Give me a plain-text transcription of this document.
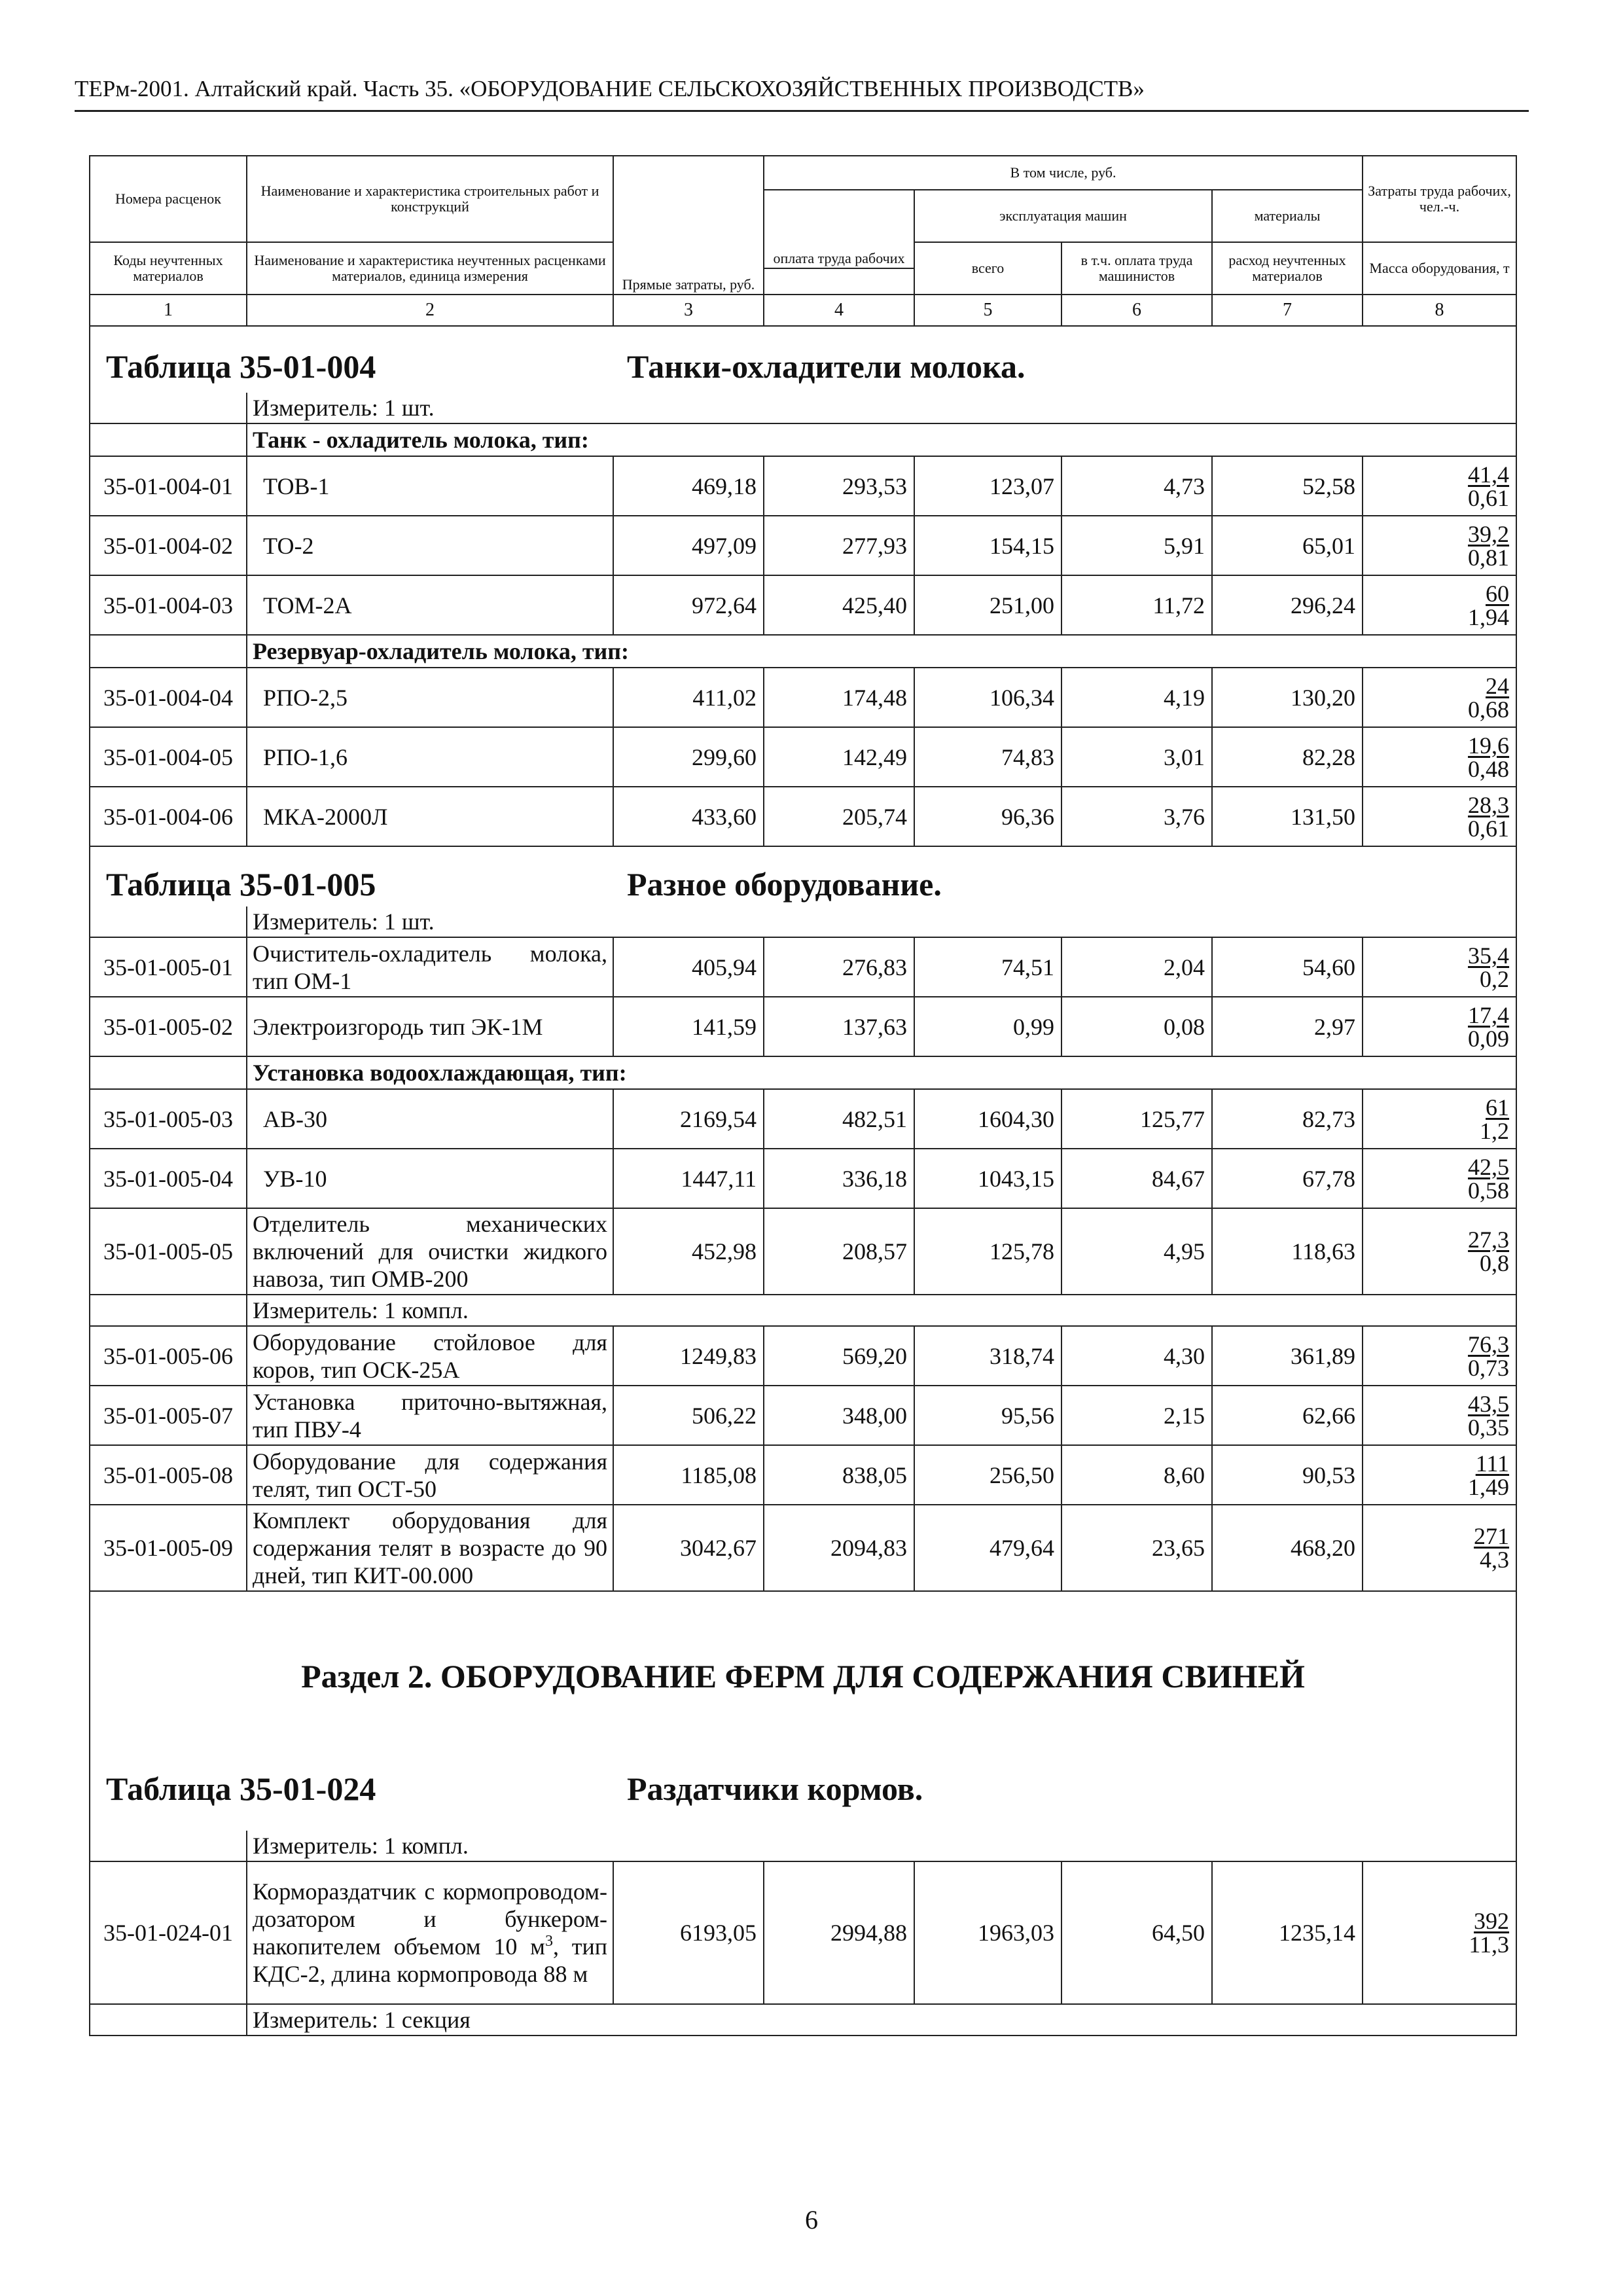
ТЕРм-2001. Алтайский край. Часть 35. «ОБОРУДОВАНИЕ СЕЛЬСКОХОЗЯЙСТВЕННЫХ ПРОИЗВОДСТВ»
Номера расценок	Наименование и характеристика строительных работ и конструкций	Прямые затраты, руб.	В том числе, руб.				Затраты труда рабочих, чел.-ч.
			оплата труда рабочих	эксплуатация машин		материалы	

Коды неучтенных материалов	Наименование и характеристика неучтенных расценками материалов, единица измерения			всего	в т.ч. оплата труда машинистов	расход неучтенных материалов	Масса оборудования, т

1	2	3	4	5	6	7	8

Таблица 35-01-004 Танки-охладители молока.							

	Измеритель: 1 шт.						
	Танк - охладитель молока, тип:						
35-01-004-01	ТОВ-1	469,18	293,53	123,07	4,73	52,58	$\frac{41,4}{0,61}$

35-01-004-02	ТО-2	497,09	277,93	154,15	5,91	65,01	$\frac{39,2}{0,81}$

35-01-004-03	ТОМ-2А	972,64	425,40	251,00	11,72	296,24	$\frac{60}{1,94}$

	Резервуар-охладитель молока, тип:						
35-01-004-04	РПО-2,5	411,02	174,48	106,34	4,19	130,20	$\frac{24}{0,68}$

35-01-004-05	РПО-1,6	299,60	142,49	74,83	3,01	82,28	$\frac{19,6}{0,48}$

35-01-004-06	МКА-2000Л	433,60	205,74	96,36	3,76	131,50	$\frac{28,3}{0,61}$

Таблица 35-01-005 Разное оборудование.							

	Измеритель: 1 шт.						
35-01-005-01	Очиститель-охладитель молока, тип ОМ-1	405,94	276,83	74,51	2,04	54,60	$\frac{35,4}{0,2}$

35-01-005-02	Электроизгородь тип ЭК-1М	141,59	137,63	0,99	0,08	2,97	$\frac{17,4}{0,09}$

	Установка водоохлаждающая, тип:						
35-01-005-03	АВ-30	2169,54	482,51	1604,30	125,77	82,73	$\frac{61}{1,2}$

35-01-005-04	УВ-10	1447,11	336,18	1043,15	84,67	67,78	$\frac{42,5}{0,58}$

35-01-005-05	Отделитель механических включений для очистки жидкого навоза, тип ОМВ-200	452,98	208,57	125,78	4,95	118,63	$\frac{27,3}{0,8}$

	Измеритель: 1 компл.						
35-01-005-06	Оборудование стойловое для коров, тип ОСК-25А	1249,83	569,20	318,74	4,30	361,89	$\frac{76,3}{0,73}$

35-01-005-07	Установка приточно-вытяжная, тип ПВУ-4	506,22	348,00	95,56	2,15	62,66	$\frac{43,5}{0,35}$

35-01-005-08	Оборудование для содержания телят, тип ОСТ-50	1185,08	838,05	256,50	8,60	90,53	$\frac{111}{1,49}$

35-01-005-09	Комплект оборудования для содержания телят в возрасте до 90 дней, тип КИТ-00.000	3042,67	2094,83	479,64	23,65	468,20	$\frac{271}{4,3}$

Раздел 2. ОБОРУДОВАНИЕ ФЕРМ ДЛЯ СОДЕРЖАНИЯ СВИНЕЙ
Таблица 35-01-024 Раздатчики кормов.							

	Измеритель: 1 компл.						
35-01-024-01	Кормораздатчик с кормопроводом-дозатором и бункером-накопителем объемом 10 $м^3$, тип КДС-2, длина кормопровода 88 м	6193,05	2994,88	1963,03	64,50	1235,14	$\frac{392}{11,3}$

	Измеритель: 1 секция						
6
